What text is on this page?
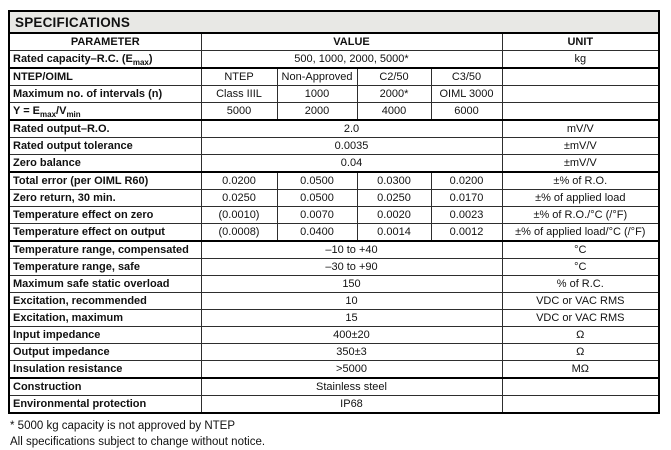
SPECIFICATIONS					
PARAMETER	VALUE				UNIT
Rated capacity–R.C. $(E_{max})$	500, 1000, 2000, 5000*				kg
NTEP/OIML	NTEP	Non-Approved	C2/50	C3/50	
Maximum no. of intervals (n)	Class IIIL	1000	2000*	OIML 3000	
$Y = E_{max}/V_{min}$	5000	2000	4000	6000	
Rated output–R.O.	2.0				mV/V
Rated output tolerance	0.0035				±mV/V
Zero balance	0.04				±mV/V
Total error (per OIML R60)	0.0200	0.0500	0.0300	0.0200	±% of R.O.
Zero return, 30 min.	0.0250	0.0500	0.0250	0.0170	±% of applied load
Temperature effect on zero	(0.0010)	0.0070	0.0020	0.0023	±% of R.O./°C (/°F)
Temperature effect on output	(0.0008)	0.0400	0.0014	0.0012	±% of applied load/°C (/°F)
Temperature range, compensated	–10 to +40				°C
Temperature range, safe	–30 to +90				°C
Maximum safe static overload	150				% of R.C.
Excitation, recommended	10				VDC or VAC RMS
Excitation, maximum	15				VDC or VAC RMS
Input impedance	400±20				Ω
Output impedance	350±3				Ω
Insulation resistance	>5000				MΩ
Construction	Stainless steel				
Environmental protection	IP68				
* 5000 kg capacity is not approved by NTEP
All specifications subject to change without notice.
